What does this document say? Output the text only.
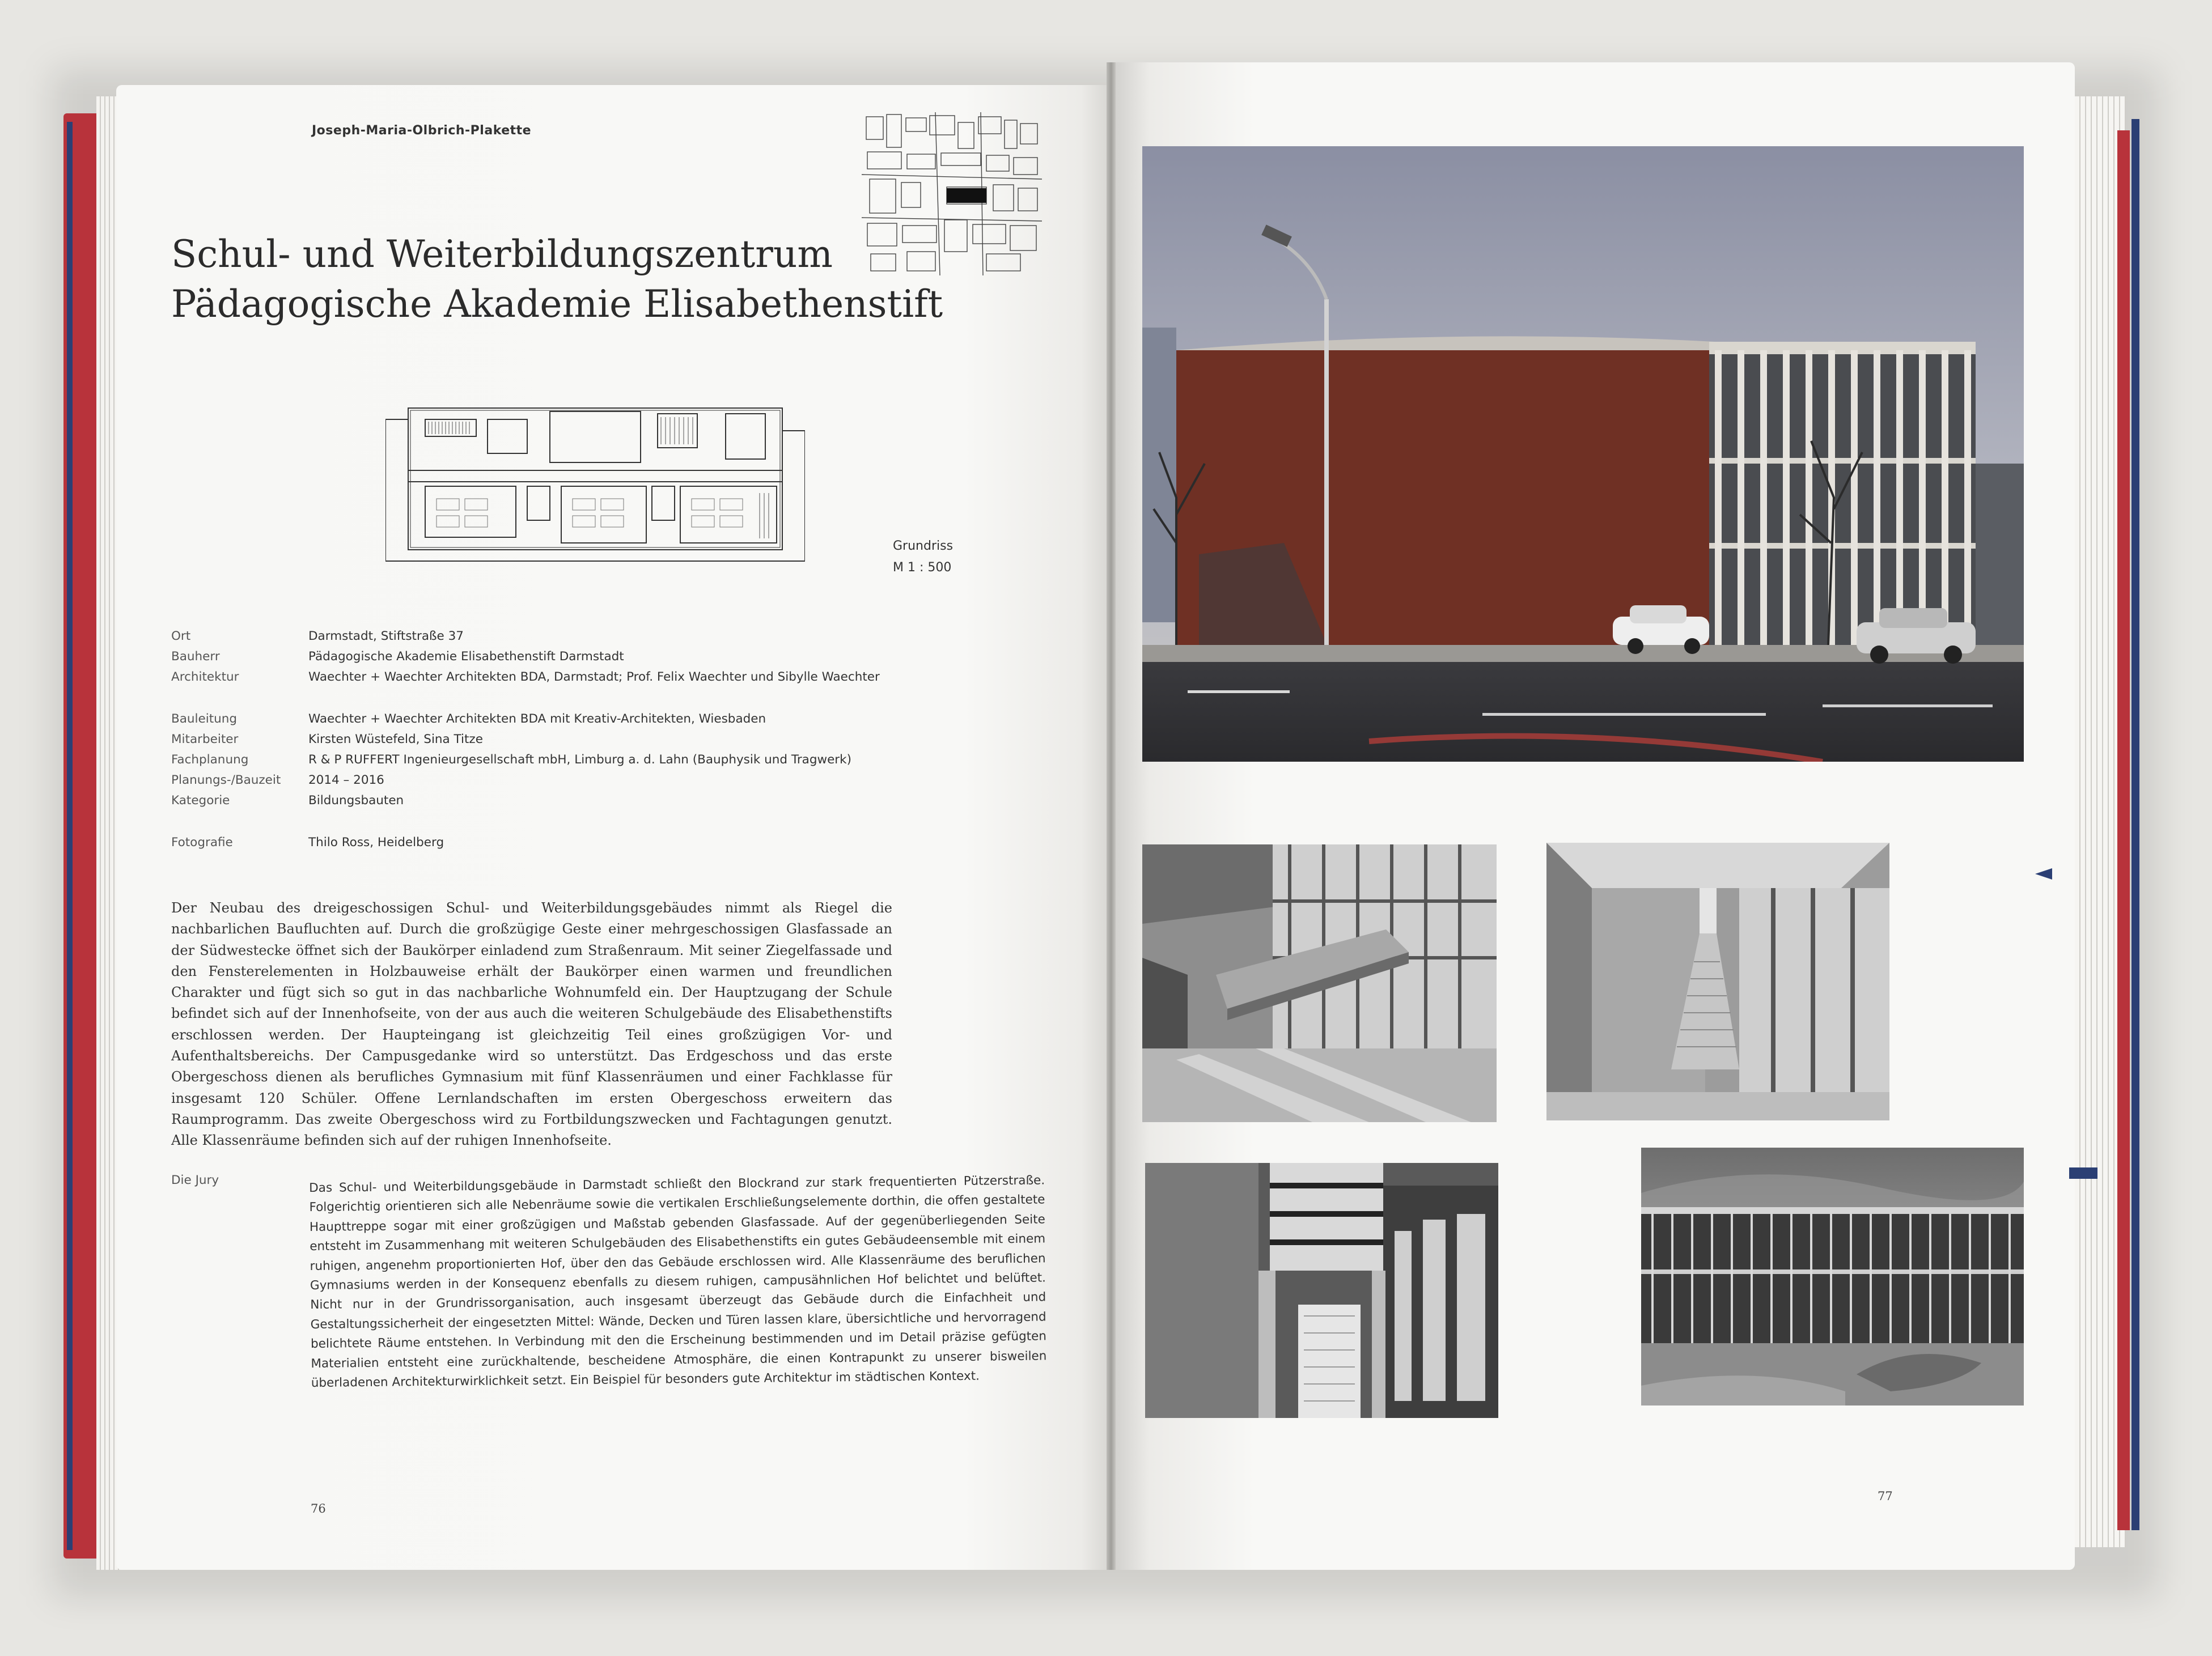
Joseph-Maria-Olbrich-Plakette
Schul- und Weiterbildungszentrum
Pädagogische Akademie Elisabethenstift
Grundriss
M 1 : 500
Ort	Darmstadt, Stiftstraße 37
Bauherr	Pädagogische Akademie Elisabethenstift Darmstadt
Architektur	Waechter + Waechter Architekten BDA, Darmstadt; Prof. Felix Waechter und Sibylle Waechter
Bauleitung	Waechter + Waechter Architekten BDA mit Kreativ-Architekten, Wiesbaden
Mitarbeiter	Kirsten Wüstefeld, Sina Titze
Fachplanung	R & P RUFFERT Ingenieurgesellschaft mbH, Limburg a. d. Lahn (Bauphysik und Tragwerk)
Planungs-/Bauzeit 2014 – 2016
Kategorie	Bildungsbauten
Fotografie	Thilo Ross, Heidelberg
Der Neubau des dreigeschossigen Schul- und Weiterbildungsgebäudes nimmt als Riegel die nachbarlichen Baufluchten auf. Durch die großzügige Geste einer mehrgeschossigen Glasfassade an der Südwestecke öffnet sich der Baukörper einladend zum Straßenraum. Mit seiner Ziegelfassade und den Fensterelementen in Holzbauweise erhält der Baukörper einen warmen und freundlichen Charakter und fügt sich so gut in das nachbarliche Wohnumfeld ein. Der Hauptzugang der Schule befindet sich auf der Innenhofseite, von der aus auch die weiteren Schulgebäude des Elisabethenstifts erschlossen werden. Der Haupteingang ist gleichzeitig Teil eines großzügigen Vor- und Aufenthaltsbereichs. Der Campusgedanke wird so unterstützt. Das Erdgeschoss und das erste Obergeschoss dienen als berufliches Gymnasium mit fünf Klassenräumen und einer Fachklasse für insgesamt 120 Schüler. Offene Lernlandschaften im ersten Obergeschoss erweitern das Raumprogramm. Das zweite Obergeschoss wird zu Fortbildungszwecken und Fachtagungen genutzt. Alle Klassenräume befinden sich auf der ruhigen Innenhofseite.
Die Jury	Das Schul- und Weiterbildungsgebäude in Darmstadt schließt den Blockrand zur stark frequentierten Pützerstraße. Folgerichtig orientieren sich alle Nebenräume sowie die vertikalen Erschließungselemente dorthin, die offen gestaltete Haupttreppe sogar mit einer großzügigen und Maßstab gebenden Glasfassade. Auf der gegenüberliegenden Seite entsteht im Zusammenhang mit weiteren Schulgebäuden des Elisabethenstifts ein gutes Gebäudeensemble mit einem ruhigen, angenehm proportionierten Hof, über den das Gebäude erschlossen wird. Alle Klassenräume des beruflichen Gymnasiums werden in der Konsequenz ebenfalls zu diesem ruhigen, campusähnlichen Hof belichtet und belüftet. Nicht nur in der Grundrissorganisation, auch insgesamt überzeugt das Gebäude durch die Einfachheit und Gestaltungssicherheit der eingesetzten Mittel: Wände, Decken und Türen lassen klare, übersichtliche und hervorragend belichtete Räume entstehen. In Verbindung mit den die Erscheinung bestimmenden und im Detail präzise gefügten Materialien entsteht eine zurückhaltende, bescheidene Atmosphäre, die einen Kontrapunkt zu unserer bisweilen überladenen Architekturwirklichkeit setzt. Ein Beispiel für besonders gute Architektur im städtischen Kontext.
76
77
